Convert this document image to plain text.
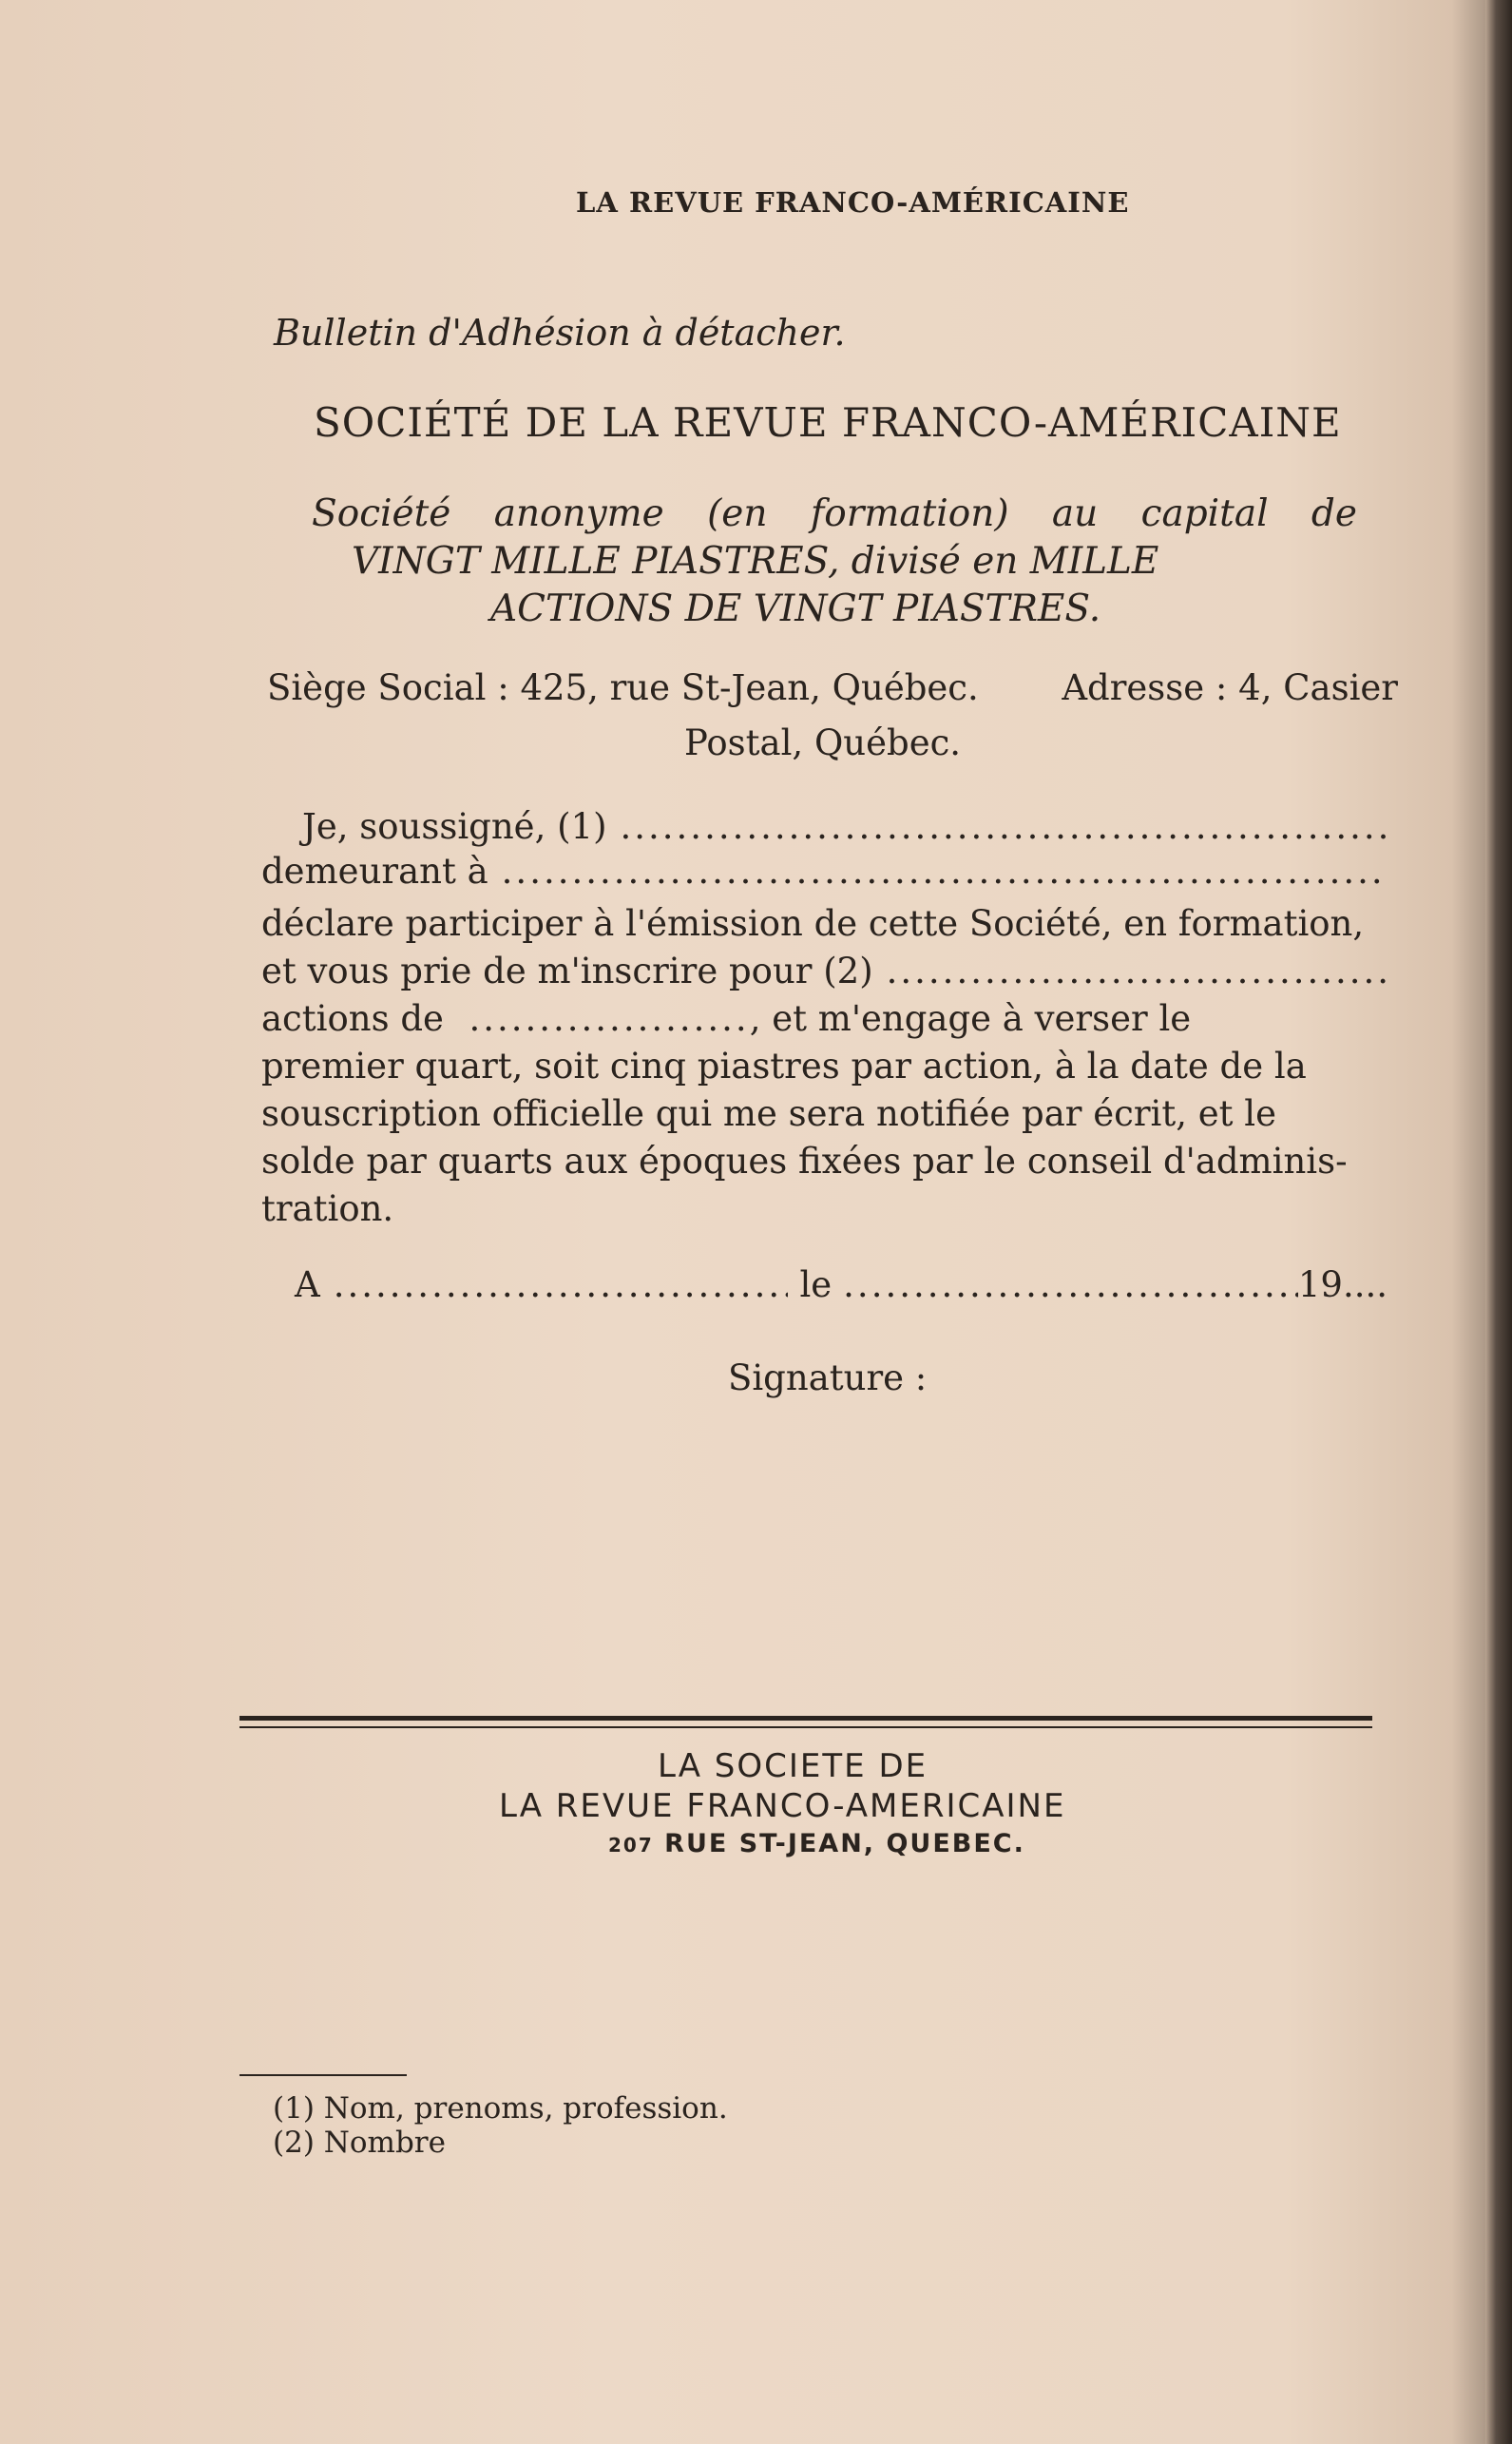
LA REVUE FRANCO-AMÉRICAINE
Bulletin d'Adhésion à détacher.
SOCIÉTÉ DE LA REVUE FRANCO-AMÉRICAINE
Société anonyme (en formation) au capital de
VINGT MILLE PIASTRES, divisé en MILLE
ACTIONS DE VINGT PIASTRES.
Siège Social : 425, rue St-Jean, Québec. Adresse : 4, Casier
Postal, Québec.
Je, soussigné, (1)
.....
demeurant à
.....
déclare participer à l'émission de cette Société, en formation,
et vous prie de m'inscrire pour (2)
.....
actions de  ...................., et m'engage à verser le
premier quart, soit cinq piastres par action, à la date de la
souscription officielle qui me sera notifiée par écrit, et le
solde par quarts aux époques fixées par le conseil d'adminis-
tration.
A .....	le .....	19....
Signature :
LA SOCIETE DE
LA REVUE FRANCO-AMERICAINE
207 RUE ST-JEAN, QUEBEC.
(1) Nom, prenoms, profession.
(2) Nombre
